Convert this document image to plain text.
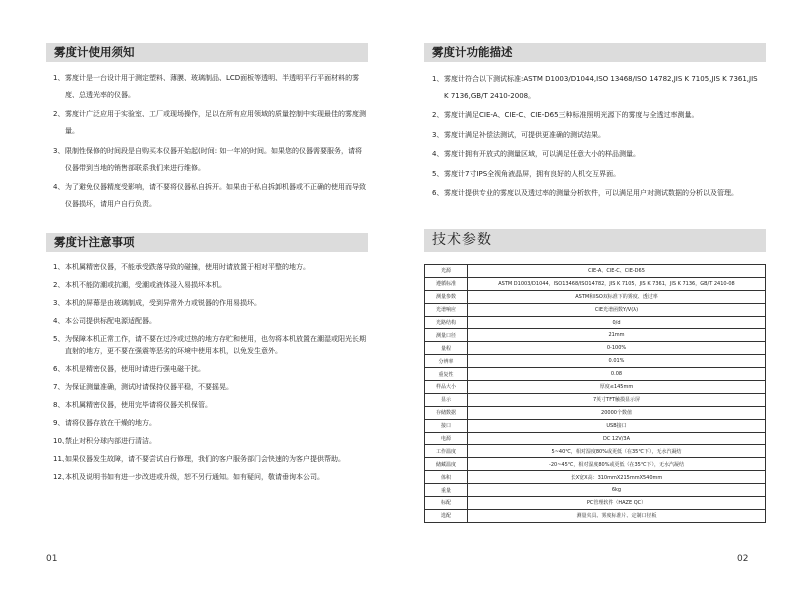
雾度计使用须知
1、 雾度计是一台设计用于测定塑料、薄膜、玻璃制品、LCD面板等透明、半透明平行平面材料的雾度、总透光率的仪器。
2、 雾度计广泛应用于实验室、工厂或现场操作，足以在所有应用领域的质量控制中实现最佳的雾度测量。
3、 限制性保修的时间段是自购买本仪器开始起(时间: 如一年)的时间。如果您的仪器需要服务，请将仪器带到当地的销售部联系我们来进行维修。
4、 为了避免仪器精度受影响，请不要将仪器私自拆开。如果由于私自拆卸机器或不正确的使用而导致仪器损坏，请用户自行负责。
雾度计注意事项
1、 本机属精密仪器，不能承受跌落导致的碰撞，使用时请放置于相对平整的地方。
2、 本机不能防潮或抗潮，受潮或液体浸入易损坏本机。
3、 本机的屏幕是由玻璃制成，受到异常外力或锐器的作用易损坏。
4、 本公司提供标配电源适配器。
5、 为保障本机正常工作，请不要在过冷或过热的地方存贮和使用，也勿将本机放置在潮湿或阳光长期直射的地方，更不要在强震等恶劣的环境中使用本机，以免发生意外。
6、 本机是精密仪器，使用时请进行强电磁干扰。
7、 为保证测量准确，测试时请保持仪器平稳，不要摇晃。
8、 本机属精密仪器，使用完毕请将仪器关机保管。
9、 请将仪器存放在干燥的地方。
10、
禁止对积分球内部进行清洁。
11、
如果仪器发生故障，请不要尝试自行修理，我们的客户服务部门会快速的为客户提供帮助。
12、
本机及说明书如有进一步改进或升级，恕不另行通知。如有疑问，敬请垂询本公司。
01
雾度计功能描述
1、 雾度计符合以下测试标准:ASTM D1003/D1044,ISO 13468/ISO 14782,JIS K 7105,JIS K 7361,JIS K 7136,GB/T 2410-2008。
2、 雾度计满足CIE-A、CIE-C、CIE-D65三种标准照明光源下的雾度与全透过率测量。
3、 雾度计满足补偿法测试，可提供更准确的测试结果。
4、 雾度计拥有开放式的测量区域，可以满足任意大小的样品测量。
5、 雾度计7寸IPS全视角液晶屏，拥有良好的人机交互界面。
6、 雾度计提供专业的雾度以及透过率的测量分析软件，可以满足用户对测试数据的分析以及管理。
技术参数
光源	CIE-A、CIE-C、CIE-D65
遵循标准	ASTM D1003/D1044，ISO13468/ISO14782，JIS K 7105，JIS K 7361，JIS K 7136，GB/T 2410-08
测量参数	ASTM和ISO双标准下的雾度、透过率
光谱响应	CIE光谱函数Y/V(λ)
光路结构	0/d
测量口径	21mm
量程	0-100%
分辨率	0.01%
重复性	0.08
样品大小	厚度≤145mm
显示	7英寸TFT触摸显示屏
存储数据	20000个数值
接口	USB接口
电源	DC 12V/3A
工作温度	5~40℃，相对湿度80%或更低（在35℃下），无水汽凝结
储藏温度	-20~45℃，相对湿度80%或更低（在35℃下），无水汽凝结
体积	长X宽X高：310mmX215mmX540mm
重量	6kg
标配	PC管理软件（HAZE QC）
选配	测量夹具、雾度标准片、定制口径板
02
